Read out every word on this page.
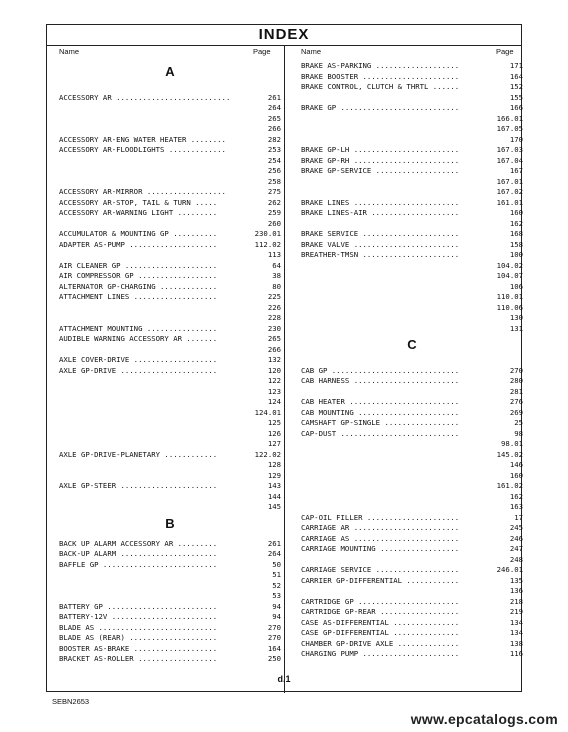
INDEX
Name	Page	Name	Page
A
ACCESSORY AR ..........................	261
264
265
266
ACCESSORY AR-ENG WATER HEATER ........	282
ACCESSORY AR-FLOODLIGHTS .............	253
254
256
258
ACCESSORY AR-MIRROR ..................	275
ACCESSORY AR-STOP, TAIL & TURN .....	262
ACCESSORY AR-WARNING LIGHT .........	259
260
ACCUMULATOR & MOUNTING GP ..........	230.01
ADAPTER AS-PUMP ....................	112.02
113
AIR CLEANER GP .....................	64
AIR COMPRESSOR GP ..................	38
ALTERNATOR GP-CHARGING .............	80
ATTACHMENT LINES ...................	225
226
228
ATTACHMENT MOUNTING ................	230
AUDIBLE WARNING ACCESSORY AR .......	265
266
AXLE COVER-DRIVE ...................	132
AXLE GP-DRIVE ......................	120
122
123
124
124.01
125
126
127
AXLE GP-DRIVE-PLANETARY ............	122.02
128
129
AXLE GP-STEER ......................	143
144
145
B
BACK UP ALARM ACCESSORY AR .........	261
BACK-UP ALARM ......................	264
BAFFLE GP ..........................	50
51
52
53
BATTERY GP .........................	94
BATTERY-12V ........................	94
BLADE AS ...........................	270
BLADE AS (REAR) ....................	270
BOOSTER AS-BRAKE ...................	164
BRACKET AS-ROLLER ..................	250
BRAKE AS-PARKING ...................	171
BRAKE BOOSTER ......................	164
BRAKE CONTROL, CLUTCH & THRTL ......	152
155
BRAKE GP ...........................	166
166.01
167.05
170
BRAKE GP-LH ........................	167.03
BRAKE GP-RH ........................	167.04
BRAKE GP-SERVICE ...................	167
167.01
167.02
BRAKE LINES ........................	161.01
BRAKE LINES-AIR ....................	160
162
BRAKE SERVICE ......................	168
BRAKE VALVE ........................	158
BREATHER-TMSN ......................	100
104.02
104.07
106
110.01
110.06
130
131
C
CAB GP .............................	270
CAB HARNESS ........................	280
281
CAB HEATER .........................	276
CAB MOUNTING .......................	269
CAMSHAFT GP-SINGLE .................	25
CAP-DUST ...........................	98
98.01
145.02
146
160
161.02
162
163
CAP-OIL FILLER .....................	17
CARRIAGE AR ........................	245
CARRIAGE AS ........................	246
CARRIAGE MOUNTING ..................	247
248
CARRIAGE SERVICE ...................	246.01
CARRIER GP-DIFFERENTIAL ............	135
136
CARTRIDGE GP .......................	218
CARTRIDGE GP-REAR ..................	219
CASE AS-DIFFERENTIAL ...............	134
CASE GP-DIFFERENTIAL ...............	134
CHAMBER GP-DRIVE AXLE ..............	138
CHARGING PUMP ......................	116
d.1
SEBN2653
www.epcatalogs.com
